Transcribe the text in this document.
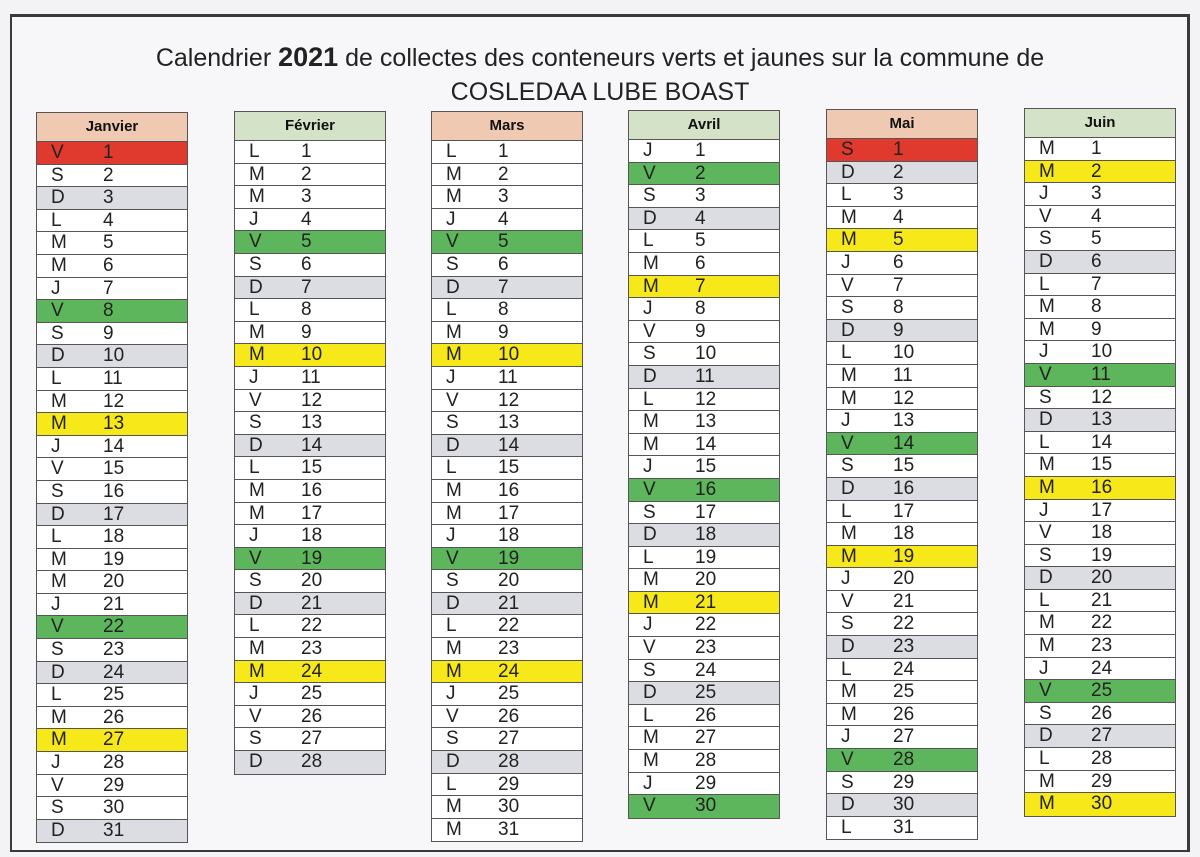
Calendrier 2021 de collectes des conteneurs verts et jaunes sur la commune de
COSLEDAA LUBE BOAST
Janvier
V 1
S 2
D 3
L 4
M 5
M 6
J 7
V 8
S 9
D 10
L 11
M 12
M 13
J 14
V 15
S 16
D 17
L 18
M 19
M 20
J 21
V 22
S 23
D 24
L 25
M 26
M 27
J 28
V 29
S 30
D 31
Février
L 1
M 2
M 3
J 4
V 5
S 6
D 7
L 8
M 9
M 10
J 11
V 12
S 13
D 14
L 15
M 16
M 17
J 18
V 19
S 20
D 21
L 22
M 23
M 24
J 25
V 26
S 27
D 28
Mars
L 1
M 2
M 3
J 4
V 5
S 6
D 7
L 8
M 9
M 10
J 11
V 12
S 13
D 14
L 15
M 16
M 17
J 18
V 19
S 20
D 21
L 22
M 23
M 24
J 25
V 26
S 27
D 28
L 29
M 30
M 31
Avril
J 1
V 2
S 3
D 4
L 5
M 6
M 7
J 8
V 9
S 10
D 11
L 12
M 13
M 14
J 15
V 16
S 17
D 18
L 19
M 20
M 21
J 22
V 23
S 24
D 25
L 26
M 27
M 28
J 29
V 30
Mai
S 1
D 2
L 3
M 4
M 5
J 6
V 7
S 8
D 9
L 10
M 11
M 12
J 13
V 14
S 15
D 16
L 17
M 18
M 19
J 20
V 21
S 22
D 23
L 24
M 25
M 26
J 27
V 28
S 29
D 30
L 31
Juin
M 1
M 2
J 3
V 4
S 5
D 6
L 7
M 8
M 9
J 10
V 11
S 12
D 13
L 14
M 15
M 16
J 17
V 18
S 19
D 20
L 21
M 22
M 23
J 24
V 25
S 26
D 27
L 28
M 29
M 30
